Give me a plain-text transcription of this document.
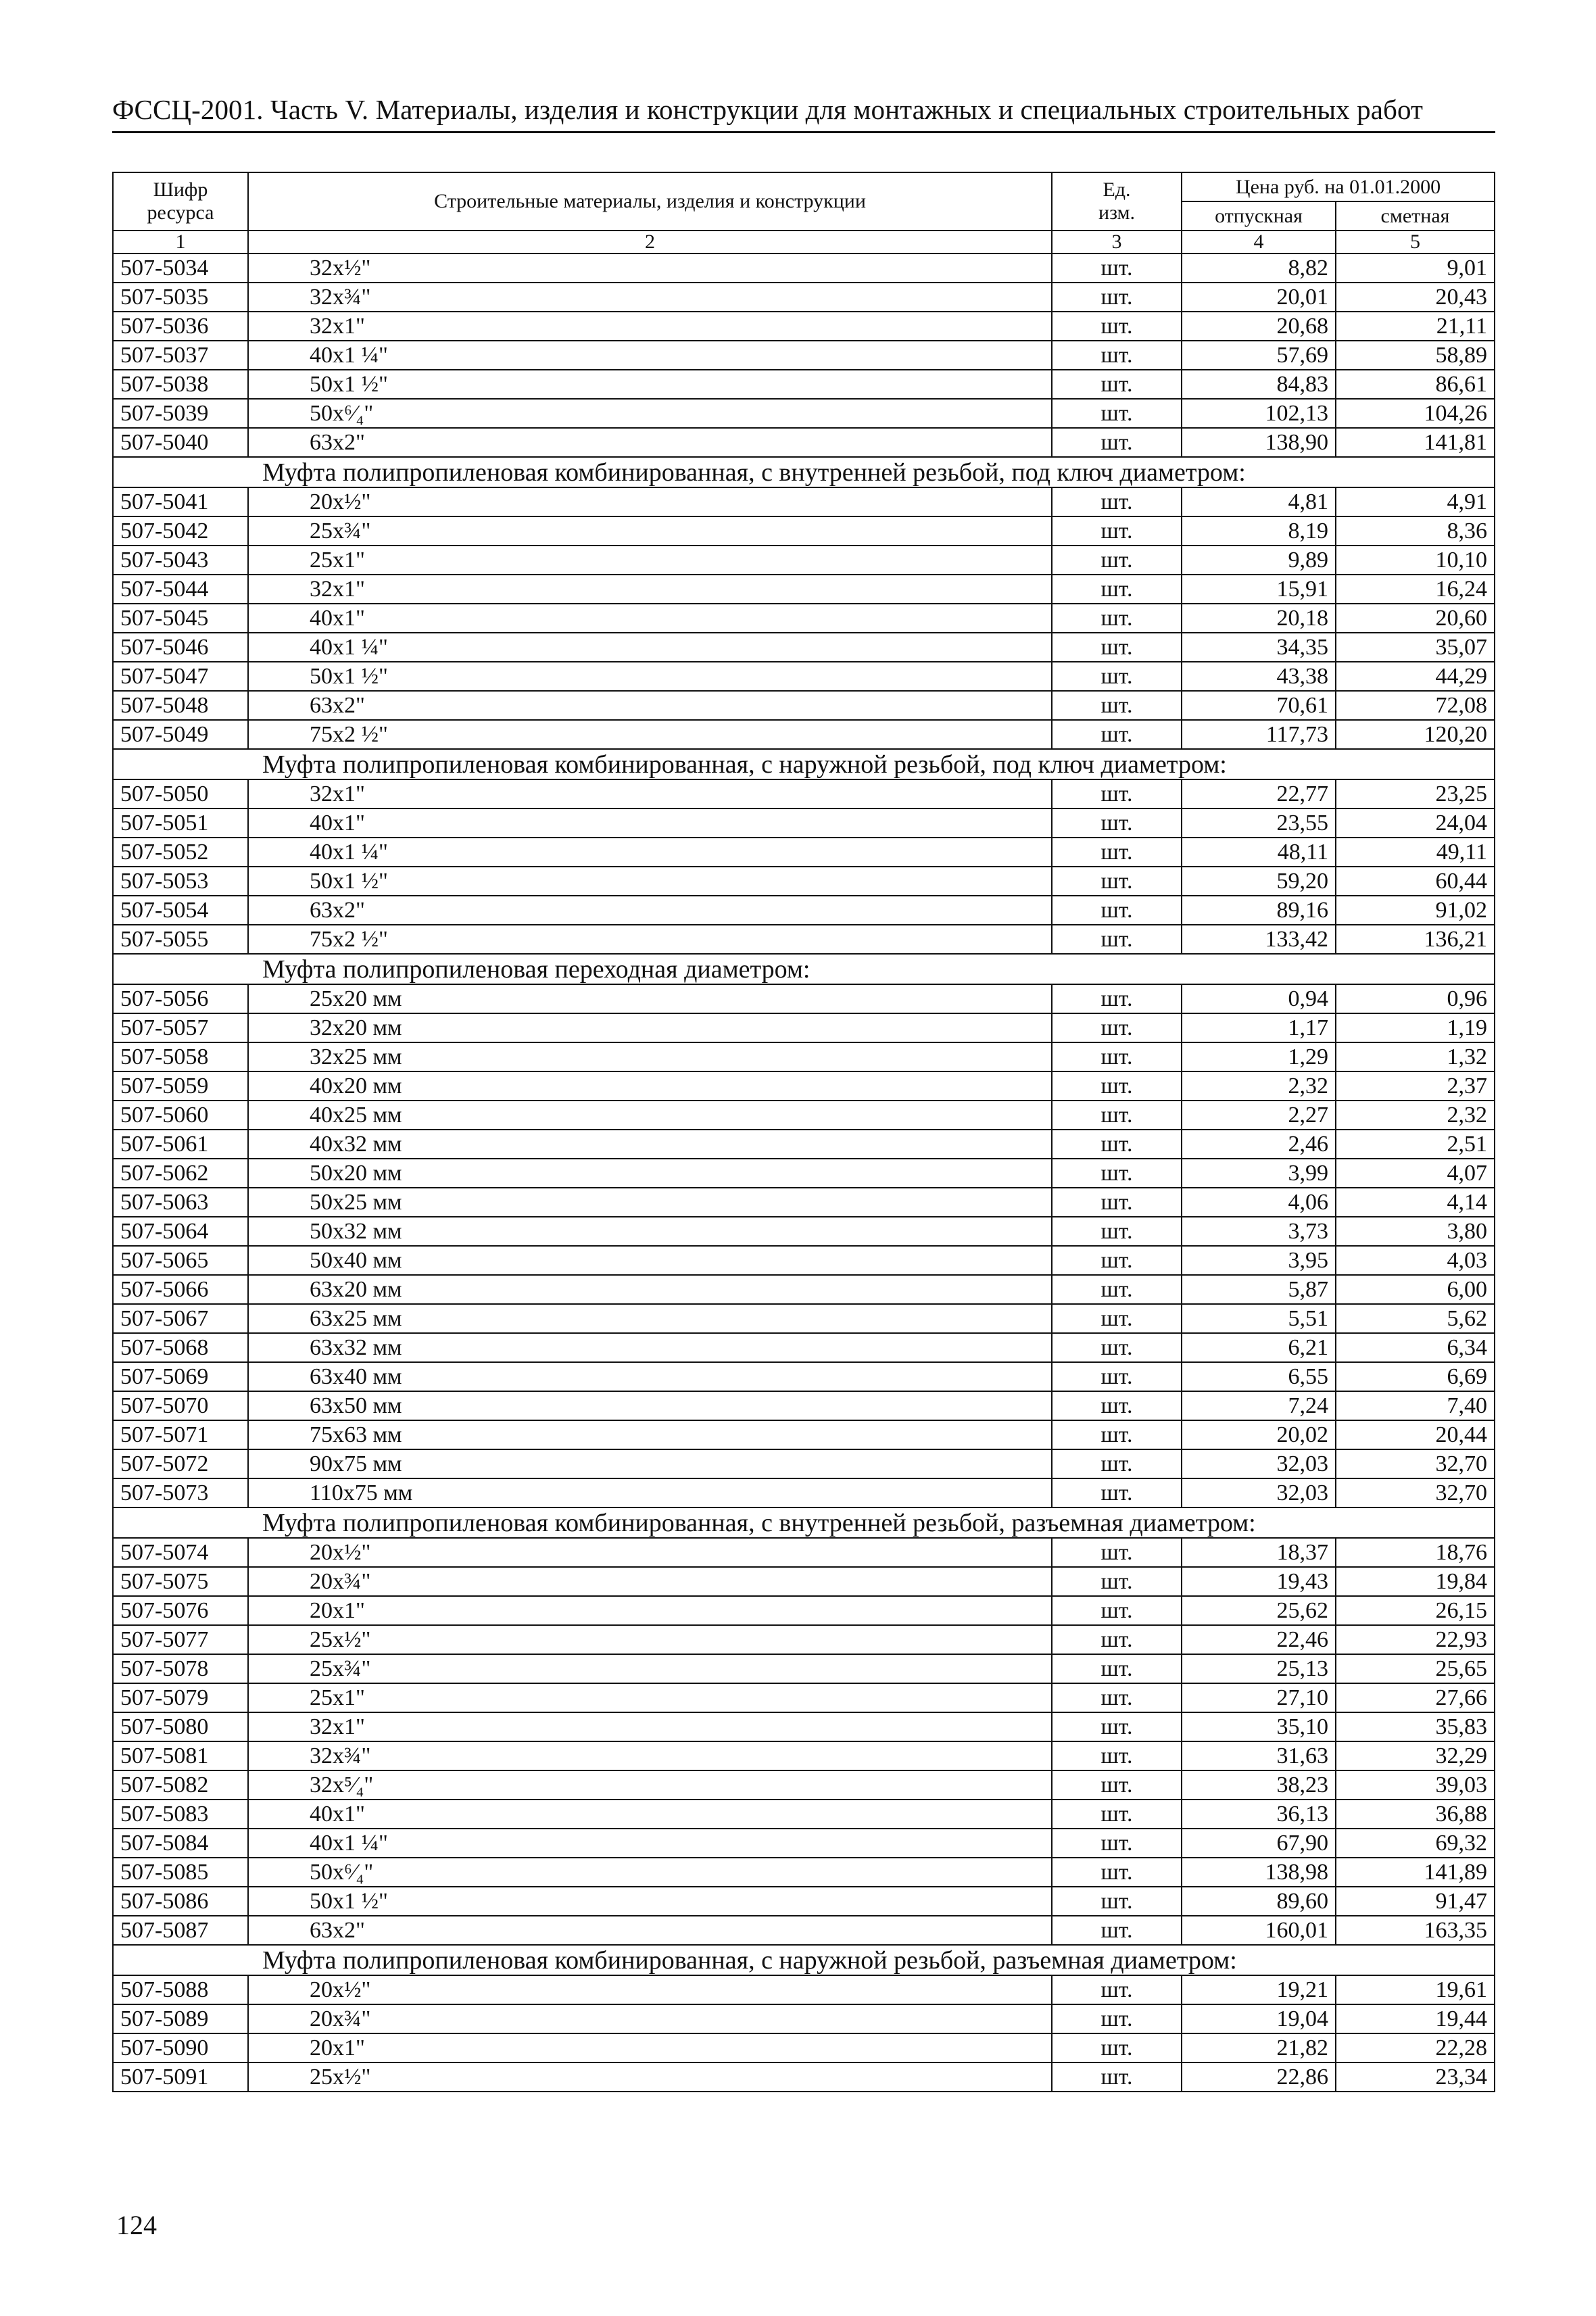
ФССЦ-2001. Часть V. Материалы, изделия и конструкции для монтажных и специальных строительных работ
Шифр
ресурса	Строительные материалы, изделия и конструкции	Ед.
изм.	Цена руб. на 01.01.2000	
			отпускная	сметная
1	2	3	4	5
507-5034	32x½"	шт.	8,82	9,01
507-5035	32x¾"	шт.	20,01	20,43
507-5036	32x1"	шт.	20,68	21,11
507-5037	40x1 ¼"	шт.	57,69	58,89
507-5038	50x1 ½"	шт.	84,83	86,61
507-5039	50x⁶⁄₄"	шт.	102,13	104,26
507-5040	63x2"	шт.	138,90	141,81
Муфта полипропиленовая комбинированная, с внутренней резьбой, под ключ диаметром:				
507-5041	20x½"	шт.	4,81	4,91
507-5042	25x¾"	шт.	8,19	8,36
507-5043	25x1"	шт.	9,89	10,10
507-5044	32x1"	шт.	15,91	16,24
507-5045	40x1"	шт.	20,18	20,60
507-5046	40x1 ¼"	шт.	34,35	35,07
507-5047	50x1 ½"	шт.	43,38	44,29
507-5048	63x2"	шт.	70,61	72,08
507-5049	75x2 ½"	шт.	117,73	120,20
Муфта полипропиленовая комбинированная, с наружной резьбой, под ключ диаметром:				
507-5050	32x1"	шт.	22,77	23,25
507-5051	40x1"	шт.	23,55	24,04
507-5052	40x1 ¼"	шт.	48,11	49,11
507-5053	50x1 ½"	шт.	59,20	60,44
507-5054	63x2"	шт.	89,16	91,02
507-5055	75x2 ½"	шт.	133,42	136,21
Муфта полипропиленовая переходная диаметром:				
507-5056	25x20 мм	шт.	0,94	0,96
507-5057	32x20 мм	шт.	1,17	1,19
507-5058	32x25 мм	шт.	1,29	1,32
507-5059	40x20 мм	шт.	2,32	2,37
507-5060	40x25 мм	шт.	2,27	2,32
507-5061	40x32 мм	шт.	2,46	2,51
507-5062	50x20 мм	шт.	3,99	4,07
507-5063	50x25 мм	шт.	4,06	4,14
507-5064	50x32 мм	шт.	3,73	3,80
507-5065	50x40 мм	шт.	3,95	4,03
507-5066	63x20 мм	шт.	5,87	6,00
507-5067	63x25 мм	шт.	5,51	5,62
507-5068	63x32 мм	шт.	6,21	6,34
507-5069	63x40 мм	шт.	6,55	6,69
507-5070	63x50 мм	шт.	7,24	7,40
507-5071	75x63 мм	шт.	20,02	20,44
507-5072	90x75 мм	шт.	32,03	32,70
507-5073	110x75 мм	шт.	32,03	32,70
Муфта полипропиленовая комбинированная, с внутренней резьбой, разъемная диаметром:				
507-5074	20x½"	шт.	18,37	18,76
507-5075	20x¾"	шт.	19,43	19,84
507-5076	20x1"	шт.	25,62	26,15
507-5077	25x½"	шт.	22,46	22,93
507-5078	25x¾"	шт.	25,13	25,65
507-5079	25x1"	шт.	27,10	27,66
507-5080	32x1"	шт.	35,10	35,83
507-5081	32x¾"	шт.	31,63	32,29
507-5082	32x⁵⁄₄"	шт.	38,23	39,03
507-5083	40x1"	шт.	36,13	36,88
507-5084	40x1 ¼"	шт.	67,90	69,32
507-5085	50x⁶⁄₄"	шт.	138,98	141,89
507-5086	50x1 ½"	шт.	89,60	91,47
507-5087	63x2"	шт.	160,01	163,35
Муфта полипропиленовая комбинированная, с наружной резьбой, разъемная диаметром:				
507-5088	20x½"	шт.	19,21	19,61
507-5089	20x¾"	шт.	19,04	19,44
507-5090	20x1"	шт.	21,82	22,28
507-5091	25x½"	шт.	22,86	23,34
124
